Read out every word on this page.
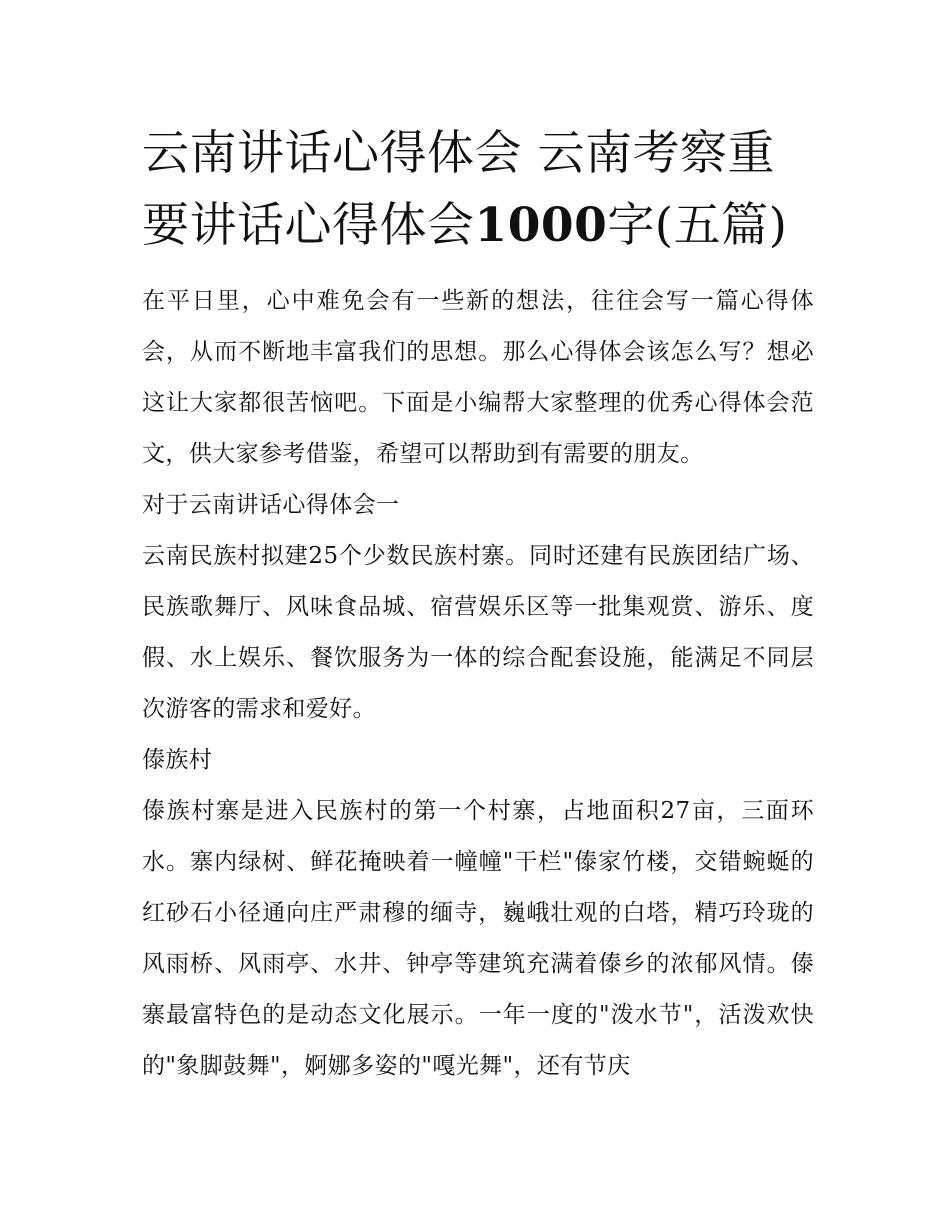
云南讲话心得体会 云南考察重要讲话心得体会1000字(五篇)

在平日里，心中难免会有一些新的想法，往往会写一篇心得体会，从而不断地丰富我们的思想。那么心得体会该怎么写？想必这让大家都很苦恼吧。下面是小编帮大家整理的优秀心得体会范文，供大家参考借鉴，希望可以帮助到有需要的朋友。

对于云南讲话心得体会一

云南民族村拟建25个少数民族村寨。同时还建有民族团结广场、民族歌舞厅、风味食品城、宿营娱乐区等一批集观赏、游乐、度假、水上娱乐、餐饮服务为一体的综合配套设施，能满足不同层次游客的需求和爱好。

傣族村

傣族村寨是进入民族村的第一个村寨，占地面积27亩，三面环水。寨内绿树、鲜花掩映着一幢幢"干栏"傣家竹楼，交错蜿蜒的红砂石小径通向庄严肃穆的缅寺，巍峨壮观的白塔，精巧玲珑的风雨桥、风雨亭、水井、钟亭等建筑充满着傣乡的浓郁风情。傣寨最富特色的是动态文化展示。一年一度的"泼水节"，活泼欢快的"象脚鼓舞"，婀娜多姿的"嘎光舞"，还有节庆
